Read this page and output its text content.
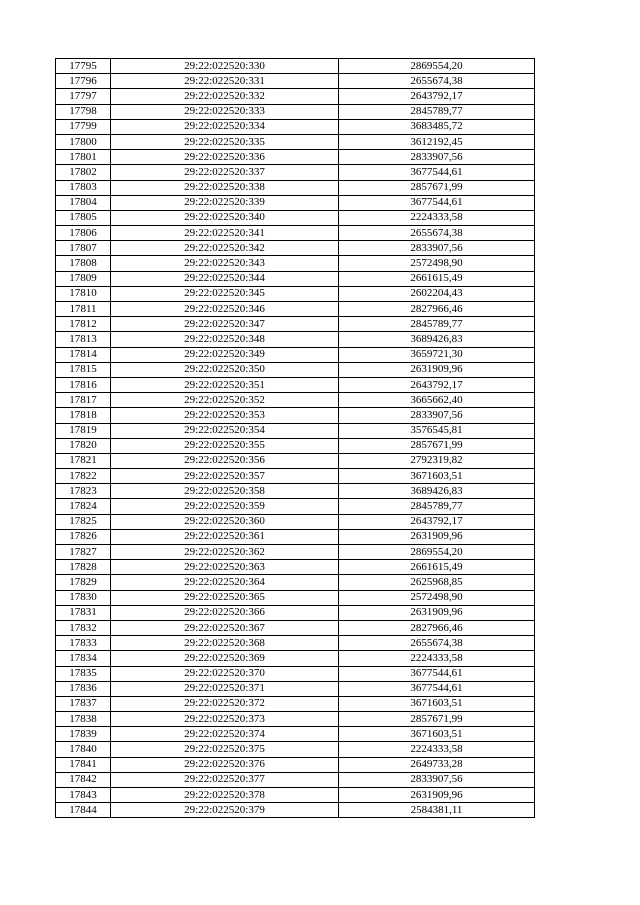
17795	29:22:022520:330	2869554,20
17796	29:22:022520:331	2655674,38
17797	29:22:022520:332	2643792,17
17798	29:22:022520:333	2845789,77
17799	29:22:022520:334	3683485,72
17800	29:22:022520:335	3612192,45
17801	29:22:022520:336	2833907,56
17802	29:22:022520:337	3677544,61
17803	29:22:022520:338	2857671,99
17804	29:22:022520:339	3677544,61
17805	29:22:022520:340	2224333,58
17806	29:22:022520:341	2655674,38
17807	29:22:022520:342	2833907,56
17808	29:22:022520:343	2572498,90
17809	29:22:022520:344	2661615,49
17810	29:22:022520:345	2602204,43
17811	29:22:022520:346	2827966,46
17812	29:22:022520:347	2845789,77
17813	29:22:022520:348	3689426,83
17814	29:22:022520:349	3659721,30
17815	29:22:022520:350	2631909,96
17816	29:22:022520:351	2643792,17
17817	29:22:022520:352	3665662,40
17818	29:22:022520:353	2833907,56
17819	29:22:022520:354	3576545,81
17820	29:22:022520:355	2857671,99
17821	29:22:022520:356	2792319,82
17822	29:22:022520:357	3671603,51
17823	29:22:022520:358	3689426,83
17824	29:22:022520:359	2845789,77
17825	29:22:022520:360	2643792,17
17826	29:22:022520:361	2631909,96
17827	29:22:022520:362	2869554,20
17828	29:22:022520:363	2661615,49
17829	29:22:022520:364	2625968,85
17830	29:22:022520:365	2572498,90
17831	29:22:022520:366	2631909,96
17832	29:22:022520:367	2827966,46
17833	29:22:022520:368	2655674,38
17834	29:22:022520:369	2224333,58
17835	29:22:022520:370	3677544,61
17836	29:22:022520:371	3677544,61
17837	29:22:022520:372	3671603,51
17838	29:22:022520:373	2857671,99
17839	29:22:022520:374	3671603,51
17840	29:22:022520:375	2224333,58
17841	29:22:022520:376	2649733,28
17842	29:22:022520:377	2833907,56
17843	29:22:022520:378	2631909,96
17844	29:22:022520:379	2584381,11
